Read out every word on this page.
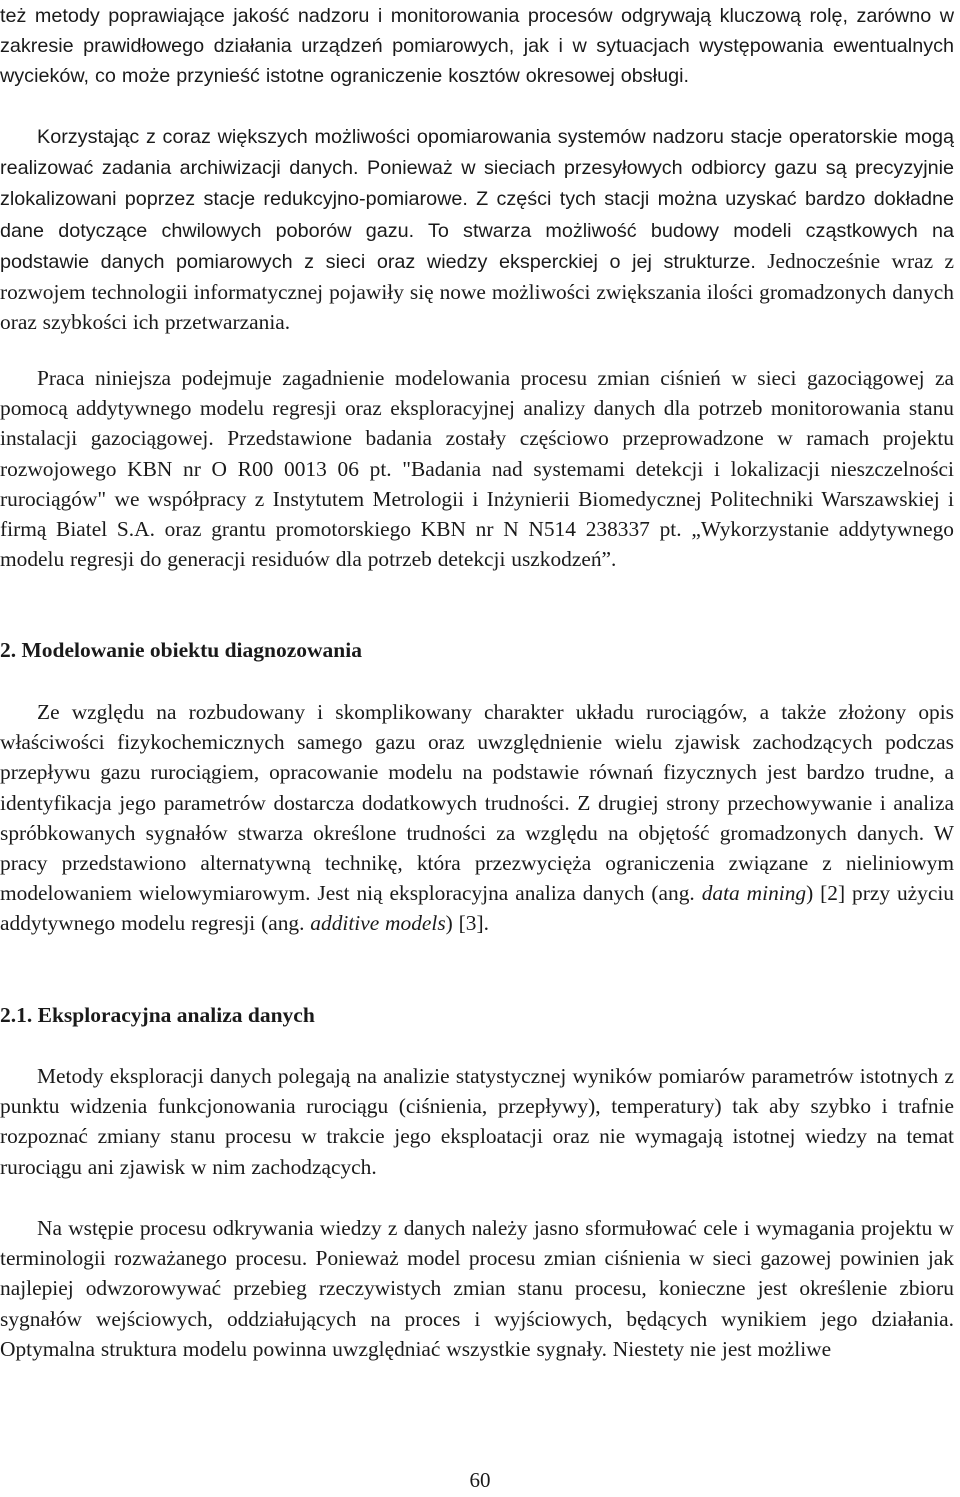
też metody poprawiające jakość nadzoru i monitorowania procesów odgrywają kluczową rolę, zarówno w zakresie prawidłowego działania urządzeń pomiarowych, jak i w sytuacjach występowania ewentualnych wycieków, co może przynieść istotne ograniczenie kosztów okresowej obsługi.

Korzystając z coraz większych możliwości opomiarowania systemów nadzoru stacje operatorskie mogą realizować zadania archiwizacji danych. Ponieważ w sieciach przesyłowych odbiorcy gazu są precyzyjnie zlokalizowani poprzez stacje redukcyjno-pomiarowe. Z części tych stacji można uzyskać bardzo dokładne dane dotyczące chwilowych poborów gazu. To stwarza możliwość budowy modeli cząstkowych na podstawie danych pomiarowych z sieci oraz wiedzy eksperckiej o jej strukturze. Jednocześnie wraz z rozwojem technologii informatycznej pojawiły się nowe możliwości zwiększania ilości gromadzonych danych oraz szybkości ich przetwarzania.

Praca niniejsza podejmuje zagadnienie modelowania procesu zmian ciśnień w sieci gazociągowej za pomocą addytywnego modelu regresji oraz eksploracyjnej analizy danych dla potrzeb monitorowania stanu instalacji gazociągowej. Przedstawione badania zostały częściowo przeprowadzone w ramach projektu rozwojowego KBN nr O R00 0013 06 pt. "Badania nad systemami detekcji i lokalizacji nieszczelności rurociągów" we współpracy z Instytutem Metrologii i Inżynierii Biomedycznej Politechniki Warszawskiej i firmą Biatel S.A. oraz grantu promotorskiego KBN nr N N514 238337 pt. „Wykorzystanie addytywnego modelu regresji do generacji residuów dla potrzeb detekcji uszkodzeń”.

2. Modelowanie obiektu diagnozowania

Ze względu na rozbudowany i skomplikowany charakter układu rurociągów, a także złożony opis właściwości fizykochemicznych samego gazu oraz uwzględnienie wielu zjawisk zachodzących podczas przepływu gazu rurociągiem, opracowanie modelu na podstawie równań fizycznych jest bardzo trudne, a identyfikacja jego parametrów dostarcza dodatkowych trudności. Z drugiej strony przechowywanie i analiza spróbkowanych sygnałów stwarza określone trudności za względu na objętość gromadzonych danych. W pracy przedstawiono alternatywną technikę, która przezwycięża ograniczenia związane z nieliniowym modelowaniem wielowymiarowym. Jest nią eksploracyjna analiza danych (ang. data mining) [2] przy użyciu addytywnego modelu regresji (ang. additive models) [3].

2.1. Eksploracyjna analiza danych

Metody eksploracji danych polegają na analizie statystycznej wyników pomiarów parametrów istotnych z punktu widzenia funkcjonowania rurociągu (ciśnienia, przepływy), temperatury) tak aby szybko i trafnie rozpoznać zmiany stanu procesu w trakcie jego eksploatacji oraz nie wymagają istotnej wiedzy na temat rurociągu ani zjawisk w nim zachodzących.

Na wstępie procesu odkrywania wiedzy z danych należy jasno sformułować cele i wymagania projektu w terminologii rozważanego procesu. Ponieważ model procesu zmian ciśnienia w sieci gazowej powinien jak najlepiej odwzorowywać przebieg rzeczywistych zmian stanu procesu, konieczne jest określenie zbioru sygnałów wejściowych, oddziałujących na proces i wyjściowych, będących wynikiem jego działania. Optymalna struktura modelu powinna uwzględniać wszystkie sygnały. Niestety nie jest możliwe

60
